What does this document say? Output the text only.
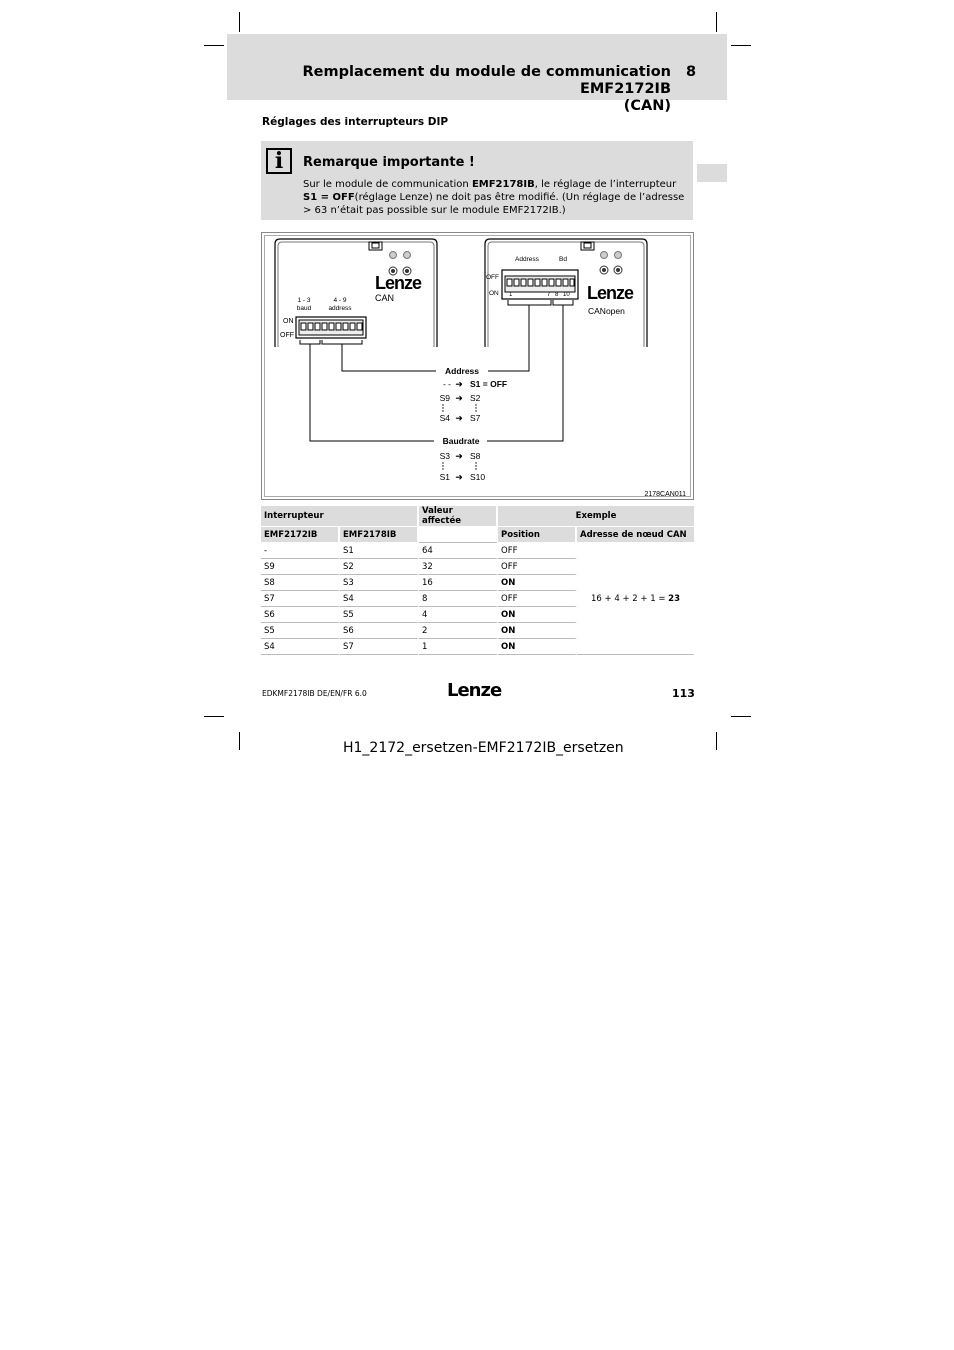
Remplacement du module de communication EMF2172IB
(CAN)
8
Réglages des interrupteurs DIP
i	Remarque importante !
Sur le module de communication EMF2178IB, le réglage de l’interrupteur
S1 = OFF(réglage Lenze) ne doit pas être modifié. (Un réglage de l’adresse > 63 n’était pas possible sur le module EMF2172IB.)
Lenze
CAN
1 - 3
baud
4 - 9
address
ON
OFF
Lenze
CANopen
Address	Bd
OFF
ON 1	7 8 10
Address
- - ➜ S1 = OFF
S9 ➜ S2
S4 ➜ S7
Baudrate
S3 ➜ S8
S1 ➜ S10
2178CAN011
Interrupteur		Valeur affectée	Exemple	
EMF2172IB	EMF2178IB		Position	Adresse de nœud CAN
-	S1	64	OFF	16 + 4 + 2 + 1 = 23
S9	S2	32	OFF	
S8	S3	16	ON	
S7	S4	8	OFF	
S6	S5	4	ON	
S5	S6	2	ON	
S4	S7	1	ON	
EDKMF2178IB DE/EN/FR 6.0	Lenze	113
H1_2172_ersetzen-EMF2172IB_ersetzen
